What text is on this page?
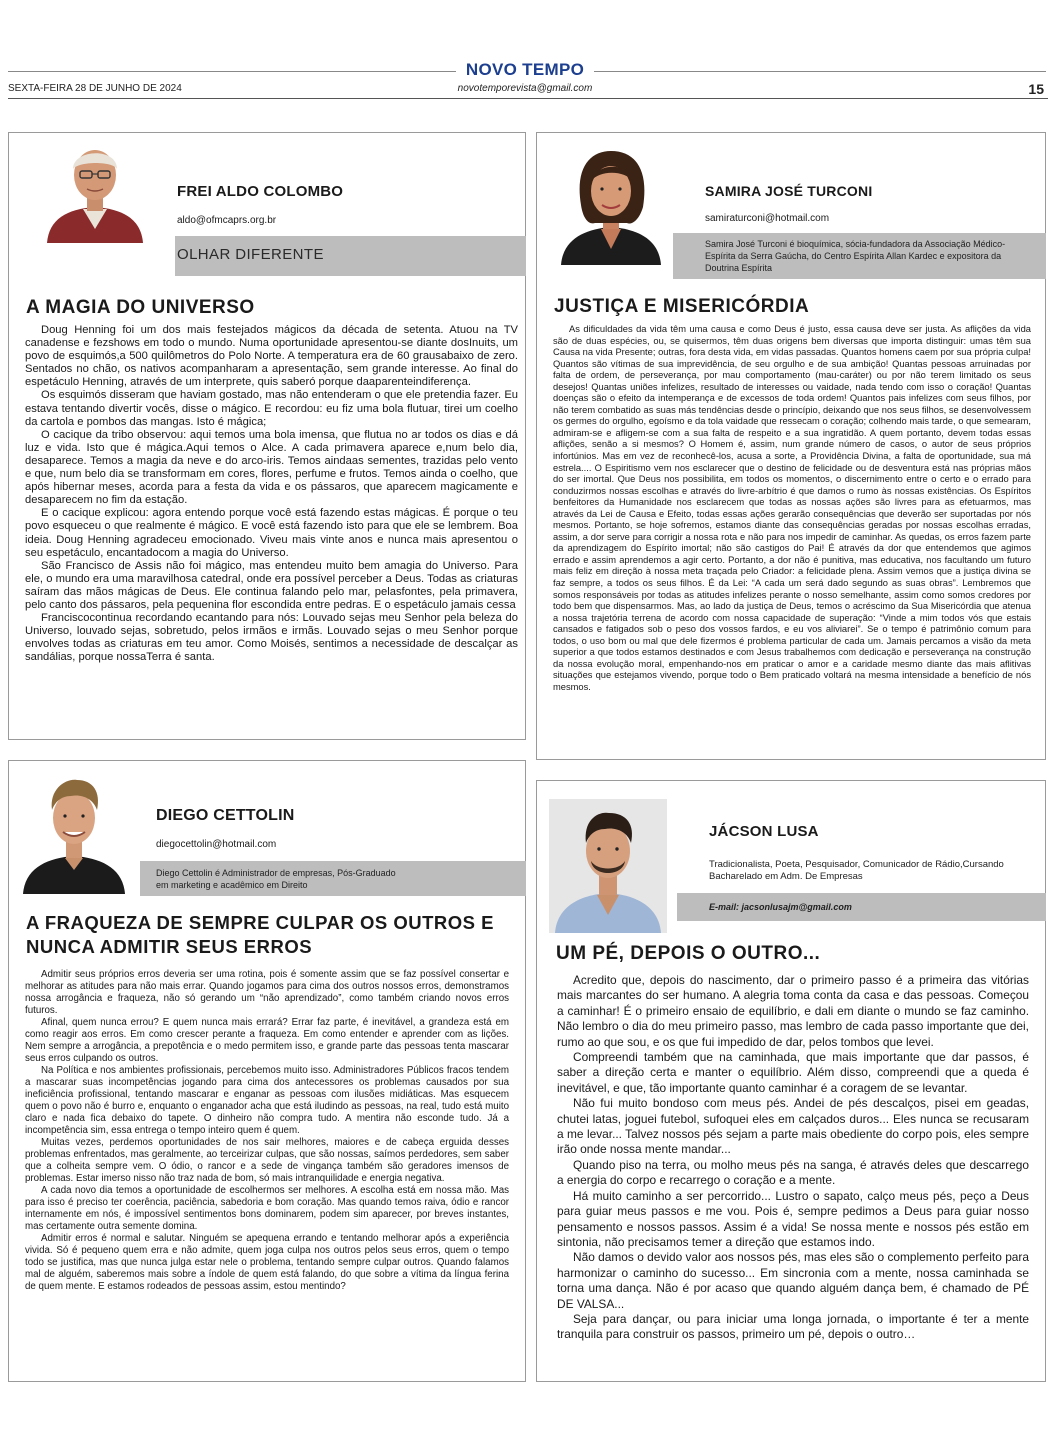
NOVO TEMPO
SEXTA-FEIRA 28 DE JUNHO DE 2024	novotemporevista@gmail.com	15
FREI ALDO COLOMBO
aldo@ofmcaprs.org.br
OLHAR DIFERENTE
A MAGIA DO UNIVERSO

Doug Henning foi um dos mais festejados mágicos da década de setenta. Atuou na TV canadense e fezshows em todo o mundo. Numa oportunidade apresentou-se diante dosInuits, um povo de esquimós,a 500 quilômetros do Polo Norte. A temperatura era de 60 grausabaixo de zero. Sentados no chão, os nativos acompanharam a apresentação, sem grande interesse. Ao final do espetáculo Henning, através de um interprete, quis saberó porque daaparenteindiferença.

Os esquimós disseram que haviam gostado, mas não entenderam o que ele pretendia fazer. Eu estava tentando divertir vocês, disse o mágico. E recordou: eu fiz uma bola flutuar, tirei um coelho da cartola e pombos das mangas. Isto é mágica;

O cacique da tribo observou: aqui temos uma bola imensa, que flutua no ar todos os dias e dá luz e vida. Isto que é mágica.Aqui temos o Alce. A cada primavera aparece e,num belo dia, desaparece. Temos a magia da neve e do arco-iris. Temos aindaas sementes, trazidas pelo vento e que, num belo dia se transformam em cores, flores, perfume e frutos. Temos ainda o coelho, que após hibernar meses, acorda para a festa da vida e os pássaros, que aparecem magicamente e desaparecem no fim da estação.

E o cacique explicou: agora entendo porque você está fazendo estas mágicas. É porque o teu povo esqueceu o que realmente é mágico. E você está fazendo isto para que ele se lembrem. Boa ideia. Doug Henning agradeceu emocionado. Viveu mais vinte anos e nunca mais apresentou o seu espetáculo, encantadocom a magia do Universo.

São Francisco de Assis não foi mágico, mas entendeu muito bem amagia do Universo. Para ele, o mundo era uma maravilhosa catedral, onde era possível perceber a Deus. Todas as criaturas saíram das mãos mágicas de Deus. Ele continua falando pelo mar, pelasfontes, pela primavera, pelo canto dos pássaros, pela pequenina flor escondida entre pedras. E o espetáculo jamais cessa

Franciscocontinua recordando ecantando para nós: Louvado sejas meu Senhor pela beleza do Universo, louvado sejas, sobretudo, pelos irmãos e irmãs. Louvado sejas o meu Senhor porque envolves todas as criaturas em teu amor. Como Moisés, sentimos a necessidade de descalçar as sandálias, porque nossaTerra é santa.

SAMIRA JOSÉ TURCONI
samiraturconi@hotmail.com
Samira José Turconi é bioquímica, sócia-fundadora da Associação Médico-Espírita da Serra Gaúcha, do Centro Espírita Allan Kardec e expositora da Doutrina Espírita
JUSTIÇA E MISERICÓRDIA

As dificuldades da vida têm uma causa e como Deus é justo, essa causa deve ser justa. As aflições da vida são de duas espécies, ou, se quisermos, têm duas origens bem diversas que importa distinguir: umas têm sua Causa na vida Presente; outras, fora desta vida, em vidas passadas. Quantos homens caem por sua própria culpa! Quantos são vítimas de sua imprevidência, de seu orgulho e de sua ambição! Quantas pessoas arruinadas por falta de ordem, de perseverança, por mau comportamento (mau-caráter) ou por não terem limitado os seus desejos! Quantas uniões infelizes, resultado de interesses ou vaidade, nada tendo com isso o coração! Quantas doenças são o efeito da intemperança e de excessos de toda ordem! Quantos pais infelizes com seus filhos, por não terem combatido as suas más tendências desde o princípio, deixando que nos seus filhos, se desenvolvessem os germes do orgulho, egoísmo e da tola vaidade que ressecam o coração; colhendo mais tarde, o que semearam, admiram-se e afligem-se com a sua falta de respeito e a sua ingratidão. A quem portanto, devem todas essas aflições, senão a si mesmos? O Homem é, assim, num grande número de casos, o autor de seus próprios infortúnios. Mas em vez de reconhecê-los, acusa a sorte, a Providência Divina, a falta de oportunidade, sua má estrela.... O Espiritismo vem nos esclarecer que o destino de felicidade ou de desventura está nas próprias mãos do ser imortal. Que Deus nos possibilita, em todos os momentos, o discernimento entre o certo e o errado para conduzirmos nossas escolhas e através do livre-arbítrio é que damos o rumo às nossas existências. Os Espíritos benfeitores da Humanidade nos esclarecem que todas as nossas ações são livres para as efetuarmos, mas através da Lei de Causa e Efeito, todas essas ações gerarão consequências que deverão ser suportadas por nós mesmos. Portanto, se hoje sofremos, estamos diante das consequências geradas por nossas escolhas erradas, assim, a dor serve para corrigir a nossa rota e não para nos impedir de caminhar. As quedas, os erros fazem parte da aprendizagem do Espírito imortal; não são castigos do Pai! É através da dor que entendemos que agimos errado e assim aprendemos a agir certo. Portanto, a dor não é punitiva, mas educativa, nos facultando um futuro mais feliz em direção à nossa meta traçada pelo Criador: a felicidade plena. Assim vemos que a justiça divina se faz sempre, a todos os seus filhos. É da Lei: “A cada um será dado segundo as suas obras”. Lembremos que somos responsáveis por todas as atitudes infelizes perante o nosso semelhante, assim como somos credores por todo bem que dispensarmos. Mas, ao lado da justiça de Deus, temos o acréscimo da Sua Misericórdia que atenua a nossa trajetória terrena de acordo com nossa capacidade de superação: “Vinde a mim todos vós que estais cansados e fatigados sob o peso dos vossos fardos, e eu vos aliviarei”. Se o tempo é patrimônio comum para todos, o uso bom ou mal que dele fizermos é problema particular de cada um. Jamais percamos a visão da meta superior a que todos estamos destinados e com Jesus trabalhemos com dedicação e perseverança na construção da nossa evolução moral, empenhando-nos em praticar o amor e a caridade mesmo diante das mais aflitivas situações que estejamos vivendo, porque todo o Bem praticado voltará na mesma intensidade a benefício de nós mesmos.

DIEGO CETTOLIN
diegocettolin@hotmail.com
Diego Cettolin é Administrador de empresas, Pós-Graduado em marketing e acadêmico em Direito
A FRAQUEZA DE SEMPRE CULPAR OS OUTROS E NUNCA ADMITIR SEUS ERROS

Admitir seus próprios erros deveria ser uma rotina, pois é somente assim que se faz possível consertar e melhorar as atitudes para não mais errar. Quando jogamos para cima dos outros nossos erros, demonstramos nossa arrogância e fraqueza, não só gerando um “não aprendizado”, como também criando novos erros futuros.

Afinal, quem nunca errou? E quem nunca mais errará? Errar faz parte, é inevitável, a grandeza está em como reagir aos erros. Em como crescer perante a fraqueza. Em como entender e aprender com as lições. Nem sempre a arrogância, a prepotência e o medo permitem isso, e grande parte das pessoas tenta mascarar seus erros culpando os outros.

Na Política e nos ambientes profissionais, percebemos muito isso. Administradores Públicos fracos tendem a mascarar suas incompetências jogando para cima dos antecessores os problemas causados por sua ineficiência profissional, tentando mascarar e enganar as pessoas com ilusões midiáticas. Mas esquecem quem o povo não é burro e, enquanto o enganador acha que está iludindo as pessoas, na real, tudo está muito claro e nada fica debaixo do tapete. O dinheiro não compra tudo. A mentira não esconde tudo. Já a incompetência sim, essa entrega o tempo inteiro quem é quem.

Muitas vezes, perdemos oportunidades de nos sair melhores, maiores e de cabeça erguida desses problemas enfrentados, mas geralmente, ao terceirizar culpas, que são nossas, saímos perdedores, sem saber que a colheita sempre vem. O ódio, o rancor e a sede de vingança também são geradores imensos de problemas. Estar imerso nisso não traz nada de bom, só mais intranquilidade e energia negativa.

A cada novo dia temos a oportunidade de escolhermos ser melhores. A escolha está em nossa mão. Mas para isso é preciso ter coerência, paciência, sabedoria e bom coração. Mas quando temos raiva, ódio e rancor internamente em nós, é impossível sentimentos bons dominarem, podem sim aparecer, por breves instantes, mas certamente outra semente domina.

Admitir erros é normal e salutar. Ninguém se apequena errando e tentando melhorar após a experiência vivida. Só é pequeno quem erra e não admite, quem joga culpa nos outros pelos seus erros, quem o tempo todo se justifica, mas que nunca julga estar nele o problema, tentando sempre culpar outros. Quando falamos mal de alguém, saberemos mais sobre a índole de quem está falando, do que sobre a vítima da língua ferina de quem mente. E estamos rodeados de pessoas assim, estou mentindo?

JÁCSON LUSA
Tradicionalista, Poeta, Pesquisador, Comunicador de Rádio,Cursando Bacharelado em Adm. De Empresas
E-mail: jacsonlusajm@gmail.com
UM PÉ, DEPOIS O OUTRO...

Acredito que, depois do nascimento, dar o primeiro passo é a primeira das vitórias mais marcantes do ser humano. A alegria toma conta da casa e das pessoas. Começou a caminhar! É o primeiro ensaio de equilíbrio, e dali em diante o mundo se faz caminho. Não lembro o dia do meu primeiro passo, mas lembro de cada passo importante que dei, rumo ao que sou, e os que fui impedido de dar, pelos tombos que levei.

Compreendi também que na caminhada, que mais importante que dar passos, é saber a direção certa e manter o equilíbrio. Além disso, compreendi que a queda é inevitável, e que, tão importante quanto caminhar é a coragem de se levantar.

Não fui muito bondoso com meus pés. Andei de pés descalços, pisei em geadas, chutei latas, joguei futebol, sufoquei eles em calçados duros... Eles nunca se recusaram a me levar... Talvez nossos pés sejam a parte mais obediente do corpo pois, eles sempre irão onde nossa mente mandar...

Quando piso na terra, ou molho meus pés na sanga, é através deles que descarrego a energia do corpo e recarrego o coração e a mente.

Há muito caminho a ser percorrido... Lustro o sapato, calço meus pés, peço a Deus para guiar meus passos e me vou. Pois é, sempre pedimos a Deus para guiar nosso pensamento e nossos passos. Assim é a vida! Se nossa mente e nossos pés estão em sintonia, não precisamos temer a direção que estamos indo.

Não damos o devido valor aos nossos pés, mas eles são o complemento perfeito para harmonizar o caminho do sucesso... Em sincronia com a mente, nossa caminhada se torna uma dança. Não é por acaso que quando alguém dança bem, é chamado de PÉ DE VALSA...

Seja para dançar, ou para iniciar uma longa jornada, o importante é ter a mente tranquila para construir os passos, primeiro um pé, depois o outro…
